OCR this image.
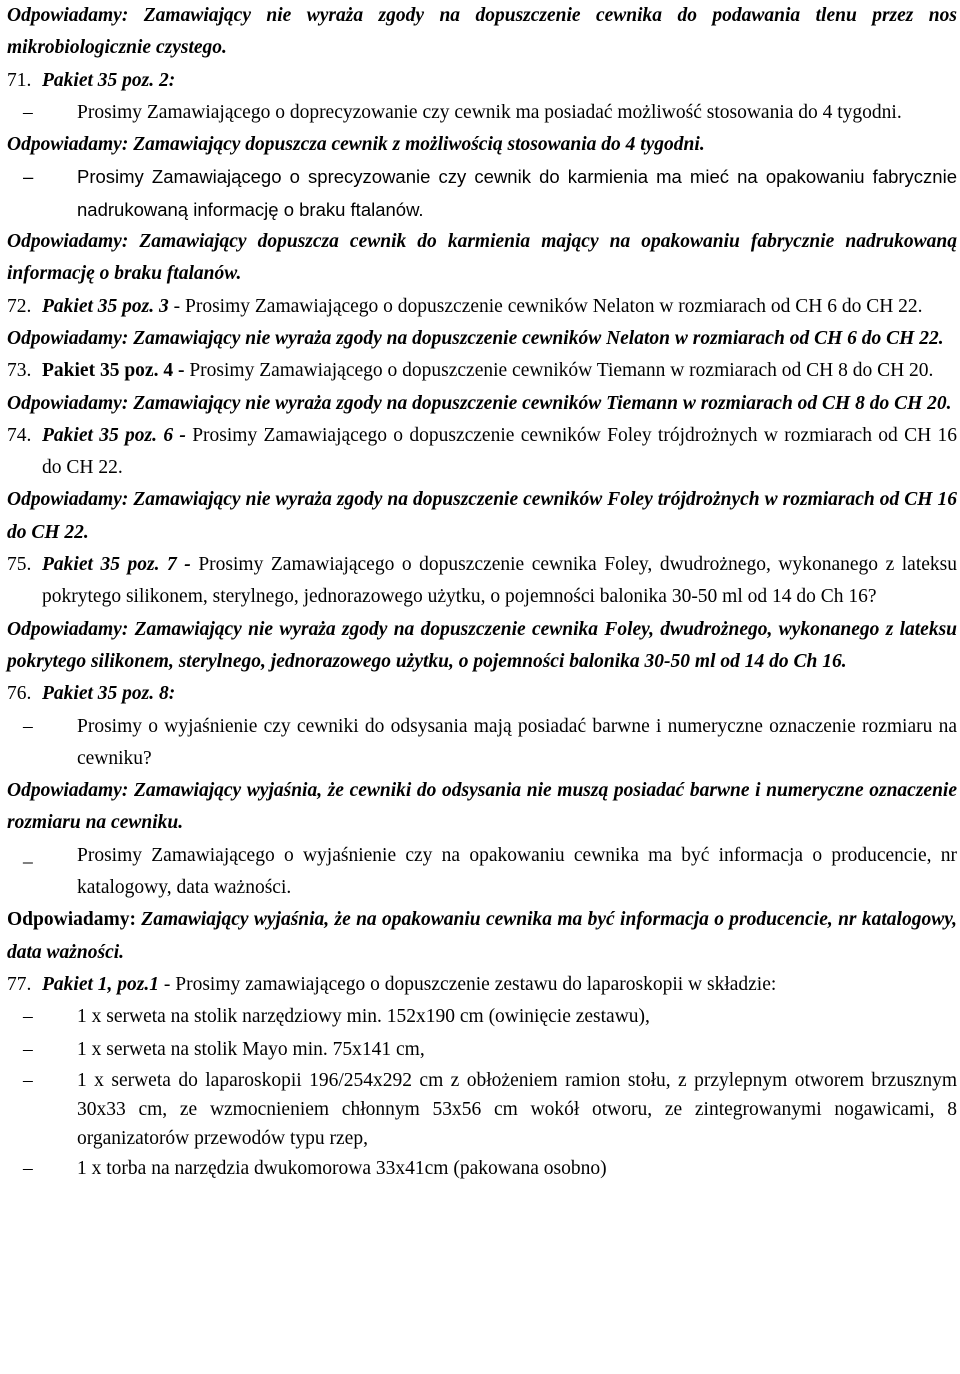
Odpowiadamy: Zamawiający nie wyraża zgody na dopuszczenie cewnika do podawania tlenu przez nos mikrobiologicznie czystego.

71. Pakiet 35 poz. 2:

– Prosimy Zamawiającego o doprecyzowanie czy cewnik ma posiadać możliwość stosowania do 4 tygodni.

Odpowiadamy: Zamawiający dopuszcza cewnik z możliwością stosowania do 4 tygodni.

– Prosimy Zamawiającego o sprecyzowanie czy cewnik do karmienia ma mieć na opakowaniu fabrycznie nadrukowaną informację o braku ftalanów.

Odpowiadamy: Zamawiający dopuszcza cewnik do karmienia mający na opakowaniu fabrycznie nadrukowaną informację o braku ftalanów.

72. Pakiet 35 poz. 3 - Prosimy Zamawiającego o dopuszczenie cewników Nelaton w rozmiarach od CH 6 do CH 22.

Odpowiadamy: Zamawiający nie wyraża zgody na dopuszczenie cewników Nelaton w rozmiarach od CH 6 do CH 22.

73. Pakiet 35 poz. 4 - Prosimy Zamawiającego o dopuszczenie cewników Tiemann w rozmiarach od CH 8 do CH 20.

Odpowiadamy: Zamawiający nie wyraża zgody na dopuszczenie cewników Tiemann w rozmiarach od CH 8 do CH 20.

74. Pakiet 35 poz. 6 - Prosimy Zamawiającego o dopuszczenie cewników Foley trójdrożnych w rozmiarach od CH 16 do CH 22.

Odpowiadamy: Zamawiający nie wyraża zgody na dopuszczenie cewników Foley trójdrożnych w rozmiarach od CH 16 do CH 22.

75. Pakiet 35 poz. 7 - Prosimy Zamawiającego o dopuszczenie cewnika Foley, dwudrożnego, wykonanego z lateksu pokrytego silikonem, sterylnego, jednorazowego użytku, o pojemności balonika 30-50 ml od 14 do Ch 16?

Odpowiadamy: Zamawiający nie wyraża zgody na dopuszczenie cewnika Foley, dwudrożnego, wykonanego z lateksu pokrytego silikonem, sterylnego, jednorazowego użytku, o pojemności balonika 30-50 ml od 14 do Ch 16.

76. Pakiet 35 poz. 8:

– Prosimy o wyjaśnienie czy cewniki do odsysania mają posiadać barwne i numeryczne oznaczenie rozmiaru na cewniku?

Odpowiadamy: Zamawiający wyjaśnia, że cewniki do odsysania nie muszą posiadać barwne i numeryczne oznaczenie rozmiaru na cewniku.

_ Prosimy Zamawiającego o wyjaśnienie czy na opakowaniu cewnika ma być informacja o producencie, nr katalogowy, data ważności.

Odpowiadamy: Zamawiający wyjaśnia, że na opakowaniu cewnika ma być informacja o producencie, nr katalogowy, data ważności.

77. Pakiet 1, poz.1 - Prosimy zamawiającego o dopuszczenie zestawu do laparoskopii w składzie:

– 1 x serweta na stolik narzędziowy min. 152x190 cm (owinięcie zestawu),

– 1 x serweta na stolik Mayo min. 75x141 cm,

– 1 x serweta do laparoskopii 196/254x292 cm z obłożeniem ramion stołu, z przylepnym otworem brzusznym 30x33 cm, ze wzmocnieniem chłonnym 53x56 cm wokół otworu, ze zintegrowanymi nogawicami, 8 organizatorów przewodów typu rzep,

– 1 x torba na narzędzia dwukomorowa 33x41cm (pakowana osobno)
